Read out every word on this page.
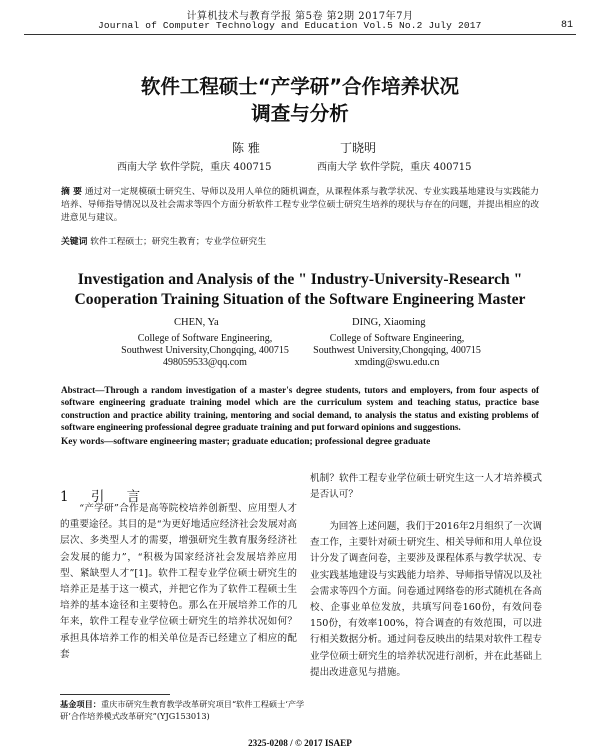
计算机技术与教育学报 第5卷 第2期 2017年7月
Journal of Computer Technology and Education Vol.5 No.2 July 2017	81
软件工程硕士“产学研”合作培养状况
调查与分析
陈 雅	丁晓明
西南大学 软件学院，重庆 400715	西南大学 软件学院，重庆 400715
摘 要 通过对一定规模硕士研究生、导师以及用人单位的随机调查，从课程体系与教学状况、专业实践基地建设与实践能力培养、导师指导情况以及社会需求等四个方面分析软件工程专业学位硕士研究生培养的现状与存在的问题，并提出相应的改进意见与建议。
关键词 软件工程硕士；研究生教育；专业学位研究生
Investigation and Analysis of the " Industry-University-Research "
Cooperation Training Situation of the Software Engineering Master
CHEN, Ya	DING, Xiaoming
College of Software Engineering,
Southwest University,Chongqing, 400715
498059533@qq.com
College of Software Engineering,
Southwest University,Chongqing, 400715
xmding@swu.edu.cn
Abstract—Through a random investigation of a master's degree students, tutors and employers, from four aspects of software engineering graduate training model which are the curriculum system and teaching status, practice base construction and practice ability training, mentoring and social demand, to analysis the status and existing problems of software engineering professional degree graduate training and put forward opinions and suggestions.
Key words—software engineering master; graduate education; professional degree graduate
1 引 言
“产学研”合作是高等院校培养创新型、应用型人才的重要途径。其目的是“为更好地适应经济社会发展对高层次、多类型人才的需要，增强研究生教育服务经济社会发展的能力”，“积极为国家经济社会发展培养应用型、紧缺型人才”[1]。软件工程专业学位硕士研究生的培养正是基于这一模式，并把它作为了软件工程硕士生培养的基本途径和主要特色。那么在开展培养工作的几年来，软件工程专业学位硕士研究生的培养状况如何？承担具体培养工作的相关单位是否已经建立了相应的配套
机制？软件工程专业学位硕士研究生这一人才培养模式是否认可？
为回答上述问题，我们于2016年2月组织了一次调查工作，主要针对硕士研究生、相关导师和用人单位设计分发了调查问卷，主要涉及课程体系与教学状况、专业实践基地建设与实践能力培养、导师指导情况以及社会需求等四个方面。问卷通过网络卷的形式随机在各高校、企事业单位发放，共填写问卷160份，有效问卷150份，有效率100%，符合调查的有效范围，可以进行相关数据分析。通过问卷反映出的结果对软件工程专业学位硕士研究生的培养状况进行剖析，并在此基础上提出改进意见与措施。
基金项目：重庆市研究生教育教学改革研究项目“软件工程硕士‘产学研’合作培养模式改革研究”(YJG153013)
2325-0208 / © 2017 ISAEP
